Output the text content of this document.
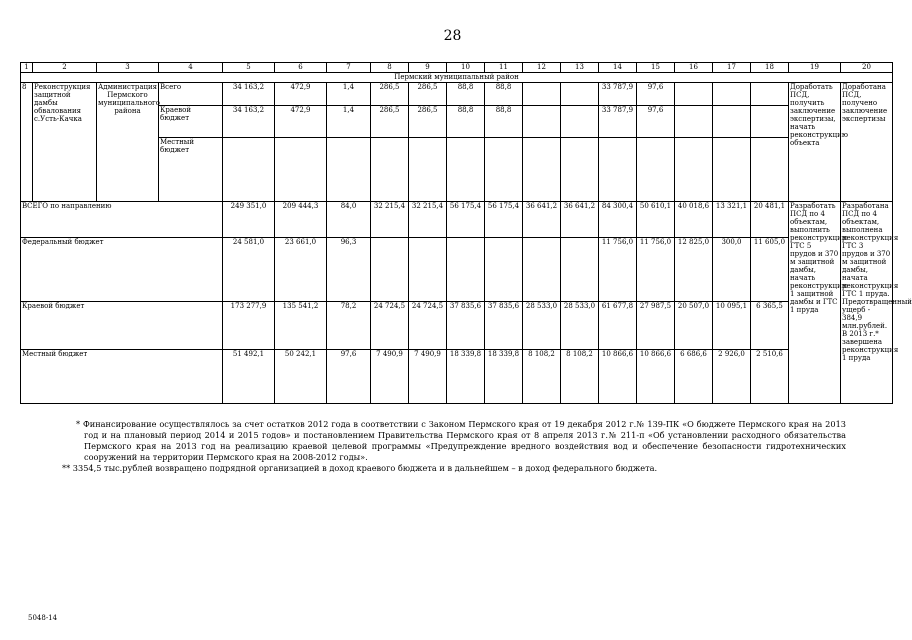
28
1	2	3	4	5	6	7	8	9	10	11	12	13	14	15	16	17	18	19	20
Пермский муниципальный район																			
8	Реконструкция защитной дамбы обвалования с.Усть-Качка	Администрация Пермского муниципального района	Всего	34 163,2	472,9	1,4	286,5	286,5	88,8	88,8			33 787,9	97,6				Доработать ПСД, получить заключение экспертизы, начать реконструкцию объекта	Доработана ПСД, получено заключение экспертизы
			Краевой бюджет	34 163,2	472,9	1,4	286,5	286,5	88,8	88,8			33 787,9	97,6					
			Местный бюджет																
ВСЕГО по направлению				249 351,0	209 444,3	84,0	32 215,4	32 215,4	56 175,4	56 175,4	36 641,2	36 641,2	84 300,4	50 610,1	40 018,6	13 321,1	20 481,1	Разработать ПСД по 4 объектам, выполнить реконструкцию ГТС 5 прудов и 370 м защитной дамбы, начать реконструкцию 1 защитной дамбы и ГТС 1 пруда	Разработана ПСД по 4 объектам, выполнена реконструкция ГТС 3 прудов и 370 м защитной дамбы, начата реконструкция ГТС 1 пруда. Предотвращенный ущерб - 384,9 млн.рублей. В 2013 г.* завершена реконструкция 1 пруда
Федеральный бюджет				24 581,0	23 661,0	96,3							11 756,0	11 756,0	12 825,0	300,0	11 605,0		
Краевой бюджет				173 277,9	135 541,2	78,2	24 724,5	24 724,5	37 835,6	37 835,6	28 533,0	28 533,0	61 677,8	27 987,5	20 507,0	10 095,1	6 365,5		
Местный бюджет				51 492,1	50 242,1	97,6	7 490,9	7 490,9	18 339,8	18 339,8	8 108,2	8 108,2	10 866,6	10 866,6	6 686,6	2 926,0	2 510,6		

* Финансирование осуществлялось за счет остатков 2012 года в соответствии с Законом Пермского края от 19 декабря 2012 г.№ 139-ПК «О бюджете Пермского края на 2013 год и на плановый период 2014 и 2015 годов» и постановлением Правительства Пермского края от 8 апреля 2013 г.№ 211-п «Об установлении расходного обязательства Пермского края на 2013 год на реализацию краевой целевой программы «Предупреждение вредного воздействия вод и обеспечение безопасности гидротехнических сооружений на территории Пермского края на 2008-2012 годы».

** 3354,5 тыс.рублей возвращено подрядной организацией в доход краевого бюджета и в дальнейшем – в доход федерального бюджета.

5048-14
